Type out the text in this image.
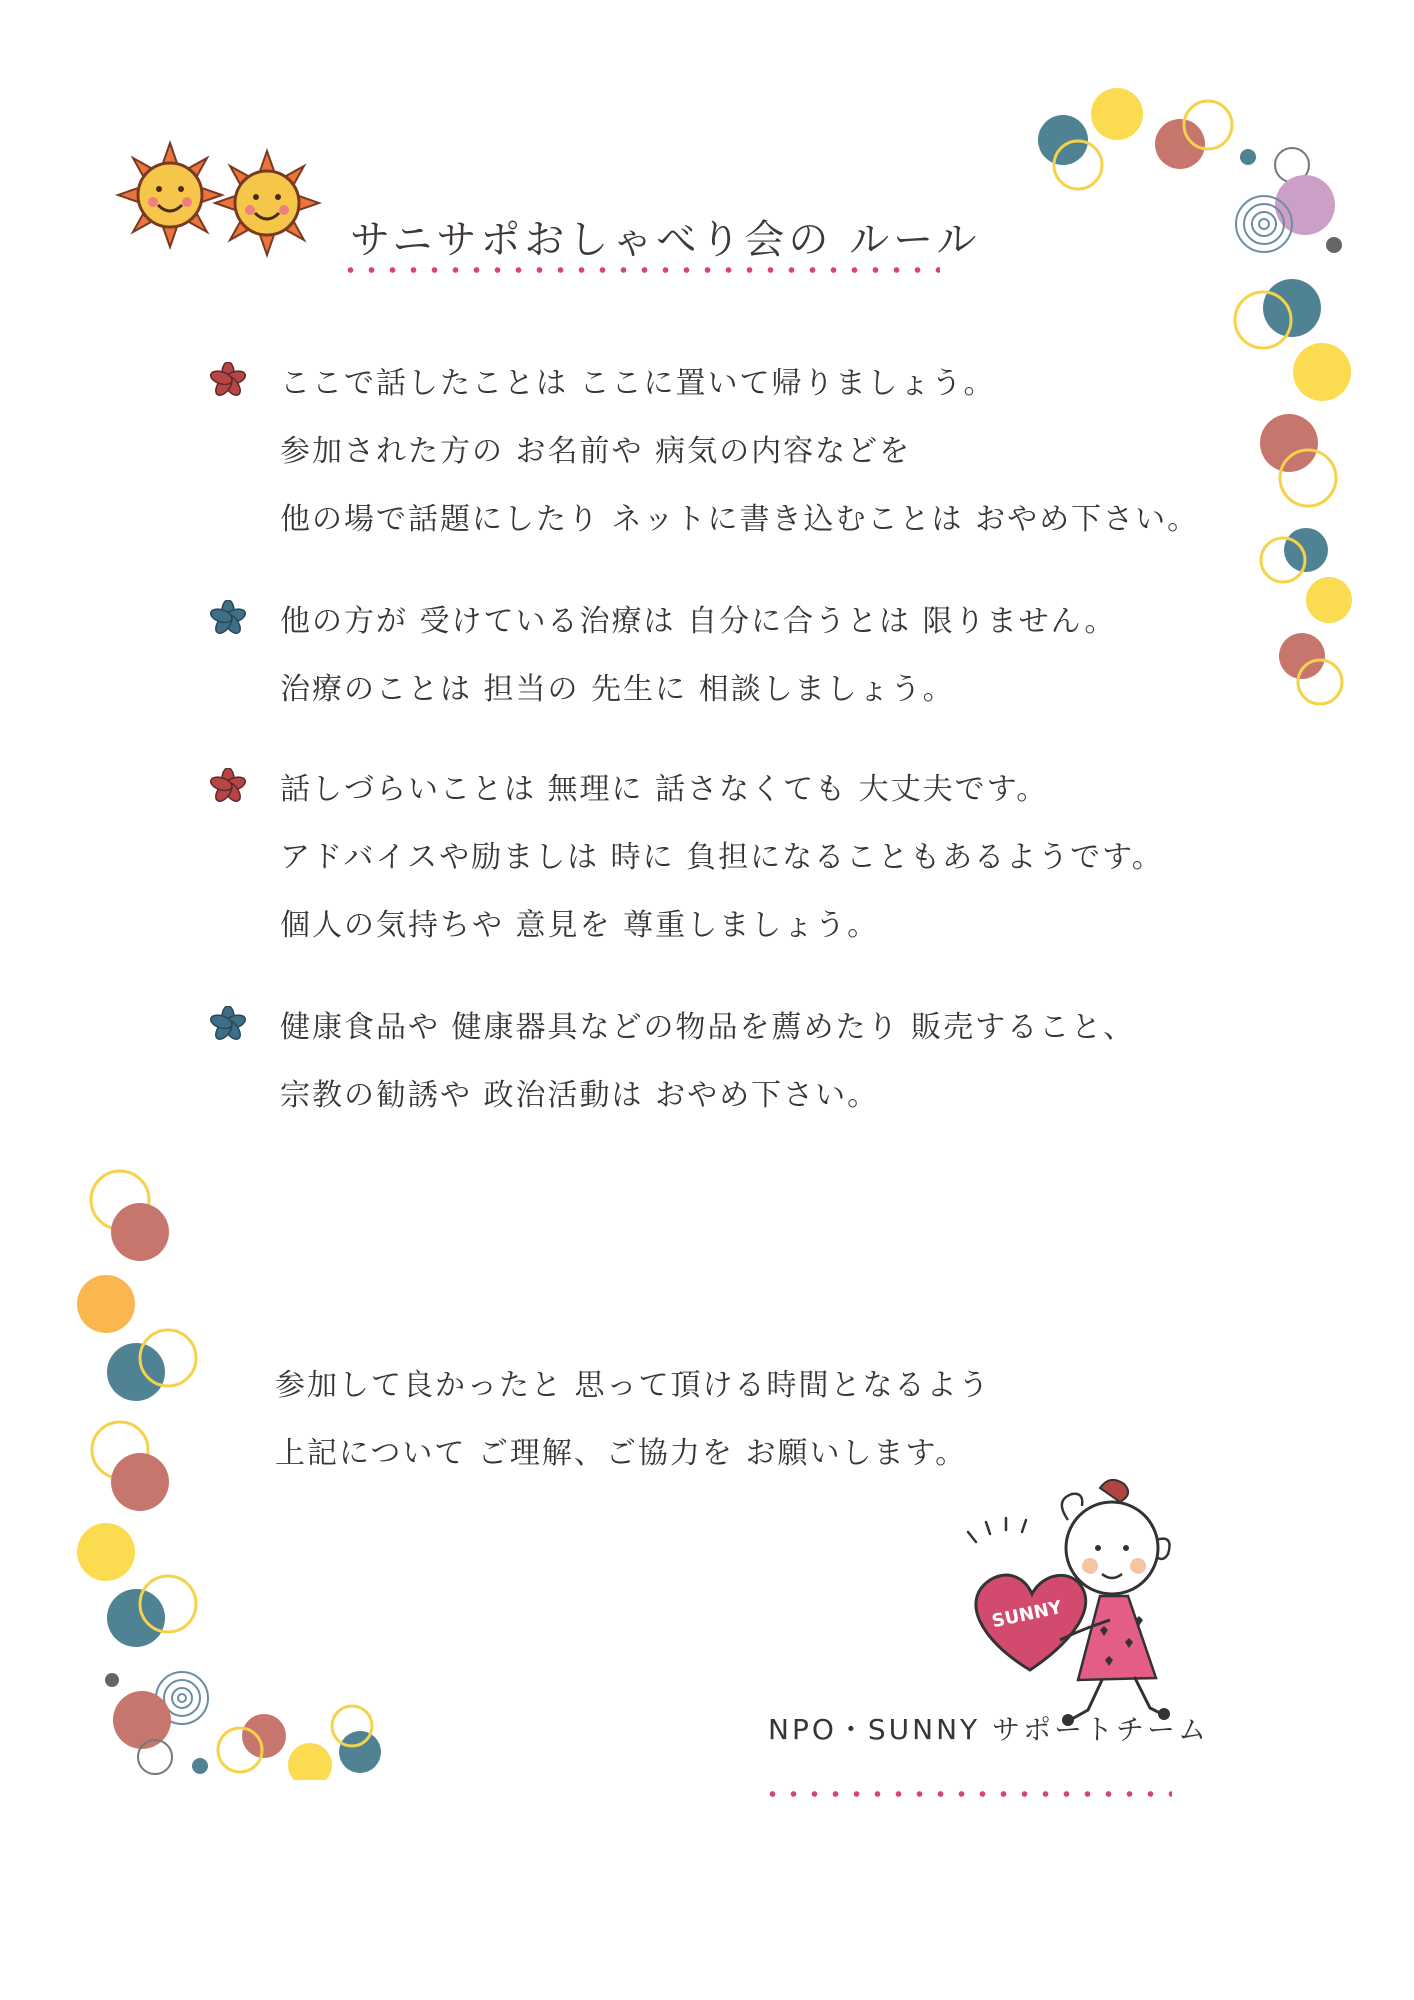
サニサポおしゃべり会の ルール
ここで話したことは ここに置いて帰りましょう。
参加された方の お名前や 病気の内容などを
他の場で話題にしたり ネットに書き込むことは おやめ下さい。
他の方が 受けている治療は 自分に合うとは 限りません。
治療のことは 担当の 先生に 相談しましょう。
話しづらいことは 無理に 話さなくても 大丈夫です。
アドバイスや励ましは 時に 負担になることもあるようです。
個人の気持ちや 意見を 尊重しましょう。
健康食品や 健康器具などの物品を薦めたり 販売すること、
宗教の勧誘や 政治活動は おやめ下さい。
参加して良かったと 思って頂ける時間となるよう
上記について ご理解、ご協力を お願いします。
SUNNY
NPO・SUNNY サポートチーム
